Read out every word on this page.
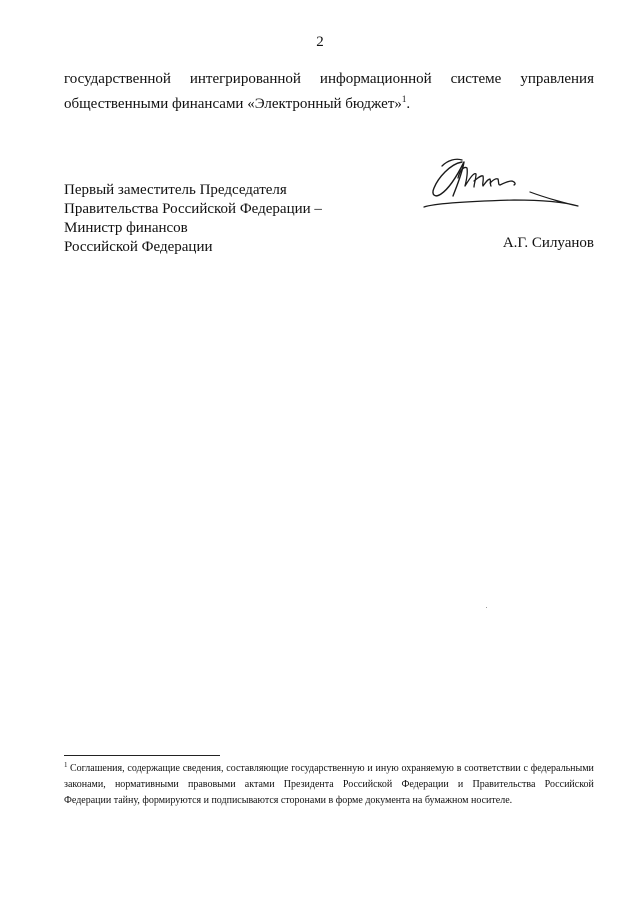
2
государственной интегрированной информационной системе управления
общественными финансами «Электронный бюджет»$^1$.
Первый заместитель Председателя
Правительства Российской Федерации –
Министр финансов
Российской Федерации	А.Г. Силуанов
$^1$ Соглашения, содержащие сведения, составляющие государственную и иную охраняемую в соответствии с федеральными
законами, нормативными правовыми актами Президента Российской Федерации и Правительства Российской
Федерации тайну, формируются и подписываются сторонами в форме документа на бумажном носителе.
